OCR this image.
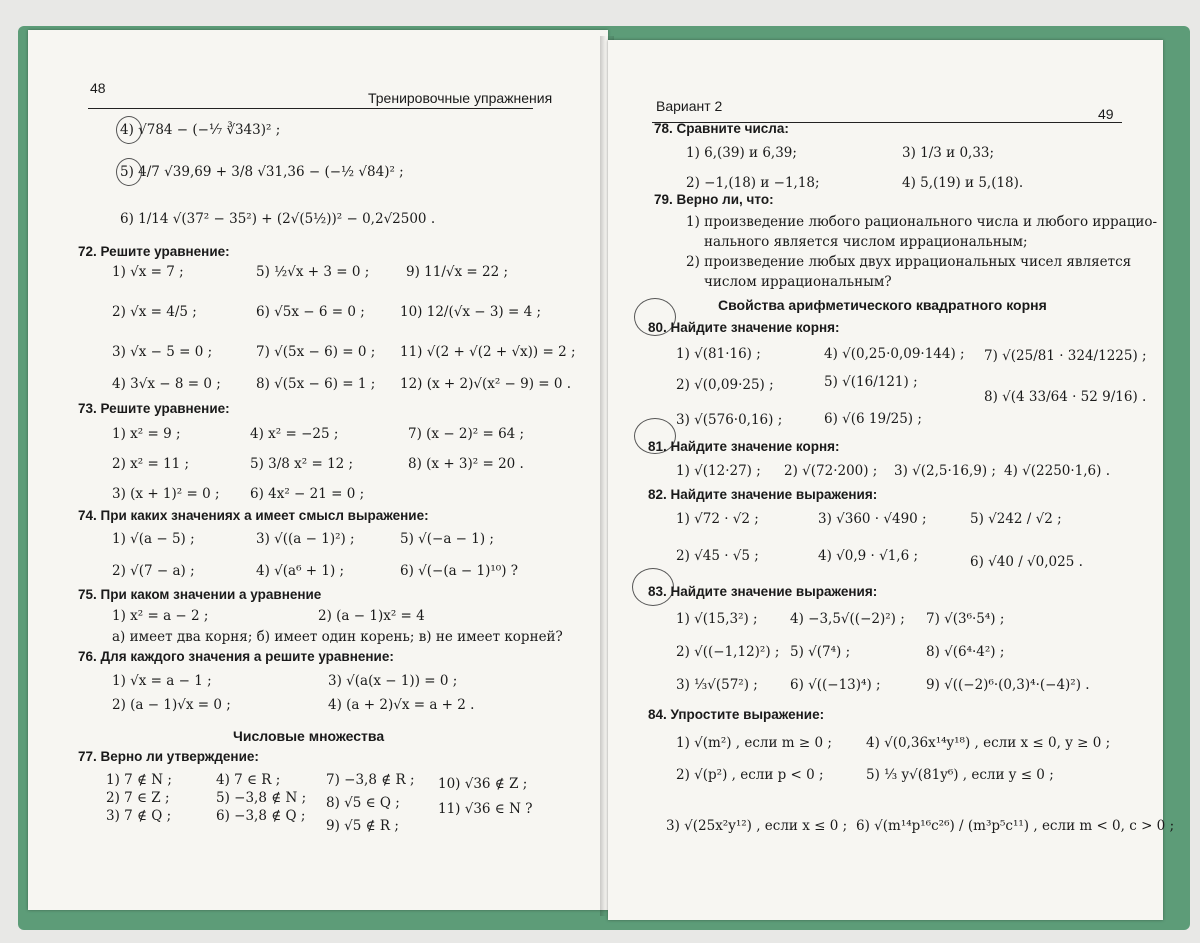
48
Тренировочные упражнения
4) √784 − (−⅐ ∛343)² ;
5) 4/7 √39,69 + 3/8 √31,36 − (−½ √84)² ;
6) 1/14 √(37² − 35²) + (2√(5½))² − 0,2√2500 .
72. Решите уравнение:
1) √x = 7 ;	5) ½√x + 3 = 0 ;	9) 11/√x = 22 ;
2) √x = 4/5 ;	6) √5x − 6 = 0 ;	10) 12/(√x − 3) = 4 ;
3) √x − 5 = 0 ;	7) √(5x − 6) = 0 ; 11) √(2 + √(2 + √x)) = 2 ;
4) 3√x − 8 = 0 ;	8) √(5x − 6) = 1 ; 12) (x + 2)√(x² − 9) = 0 .
73. Решите уравнение:
1) x² = 9 ;	4) x² = −25 ;	7) (x − 2)² = 64 ;
2) x² = 11 ;	5) 3/8 x² = 12 ;	8) (x + 3)² = 20 .
3) (x + 1)² = 0 ; 6) 4x² − 21 = 0 ;
74. При каких значениях a имеет смысл выражение:
1) √(a − 5) ;	3) √((a − 1)²) ;	5) √(−a − 1) ;
2) √(7 − a) ;	4) √(a⁶ + 1) ;	6) √(−(a − 1)¹⁰) ?
75. При каком значении a уравнение
1) x² = a − 2 ;	2) (a − 1)x² = 4
а) имеет два корня; б) имеет один корень; в) не имеет корней?
76. Для каждого значения a решите уравнение:
1) √x = a − 1 ;	3) √(a(x − 1)) = 0 ;
2) (a − 1)√x = 0 ;	4) (a + 2)√x = a + 2 .
Числовые множества
77. Верно ли утверждение:
1) 7 ∉ N ;	4) 7 ∈ R ;	7) −3,8 ∉ R ; 10) √36 ∉ Z ;
2) 7 ∈ Z ;	5) −3,8 ∉ N ; 8) √5 ∈ Q ;	11) √36 ∈ N ?
3) 7 ∉ Q ;	6) −3,8 ∉ Q ;
9) √5 ∉ R ;
Вариант 2	49
78. Сравните числа:
1) 6,(39) и 6,39;	3) 1/3 и 0,33;
2) −1,(18) и −1,18;	4) 5,(19) и 5,(18).
79. Верно ли, что:
1) произведение любого рационального числа и любого иррацио-
нального является числом иррациональным;
2) произведение любых двух иррациональных чисел является
числом иррациональным?
Свойства арифметического квадратного корня
80. Найдите значение корня:
1) √(81·16) ;	4) √(0,25·0,09·144) ; 7) √(25/81 · 324/1225) ;
2) √(0,09·25) ;	5) √(16/121) ;
8) √(4 33/64 · 52 9/16) .
3) √(576·0,16) ;	6) √(6 19/25) ;
81. Найдите значение корня:
1) √(12·27) ; 2) √(72·200) ; 3) √(2,5·16,9) ; 4) √(2250·1,6) .
82. Найдите значение выражения:
1) √72 · √2 ;	3) √360 · √490 ;	5) √242 / √2 ;
2) √45 · √5 ;	4) √0,9 · √1,6 ;	6) √40 / √0,025 .
83. Найдите значение выражения:
1) √(15,3²) ; 4) −3,5√((−2)²) ; 7) √(3⁶·5⁴) ;
2) √((−1,12)²) ; 5) √(7⁴) ;	8) √(6⁴·4²) ;
3) ⅓√(57²) ; 6) √((−13)⁴) ;	9) √((−2)⁶·(0,3)⁴·(−4)²) .
84. Упростите выражение:
1) √(m²) , если m ≥ 0 ;	4) √(0,36x¹⁴y¹⁸) , если x ≤ 0, y ≥ 0 ;
2) √(p²) , если p < 0 ;	5) ⅓ y√(81y⁶) , если y ≤ 0 ;
3) √(25x²y¹²) , если x ≤ 0 ; 6) √(m¹⁴p¹⁶c²⁶) / (m³p⁵c¹¹) , если m < 0, c > 0 ;
